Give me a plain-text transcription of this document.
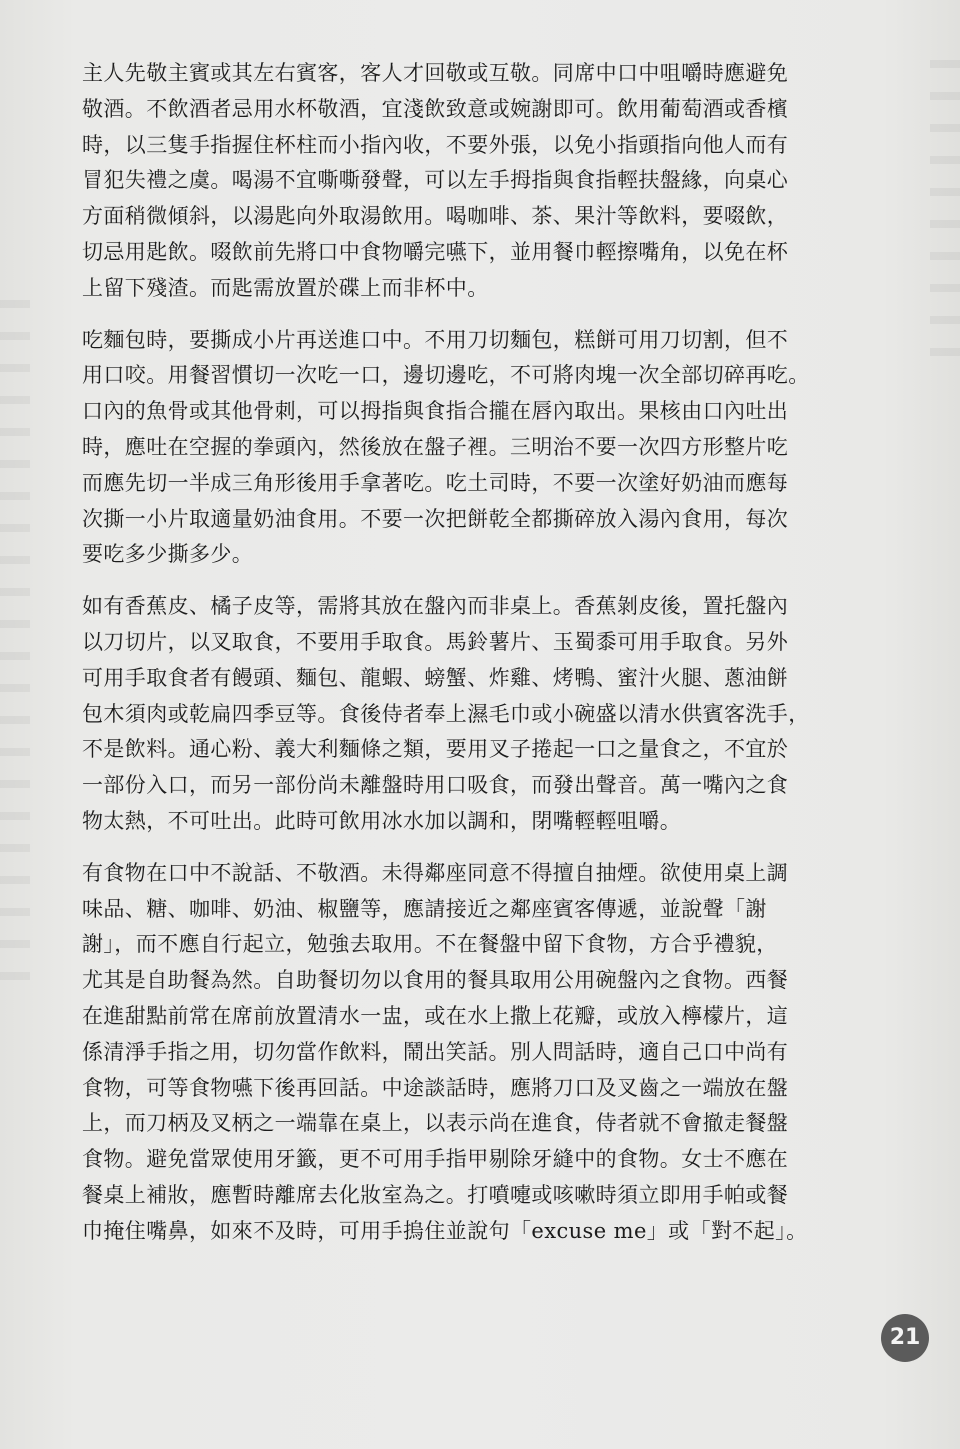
主人先敬主賓或其左右賓客，客人才回敬或互敬。同席中口中咀嚼時應避免
敬酒。不飲酒者忌用水杯敬酒，宜淺飲致意或婉謝即可。飲用葡萄酒或香檳
時，以三隻手指握住杯柱而小指內收，不要外張，以免小指頭指向他人而有
冒犯失禮之虞。喝湯不宜嘶嘶發聲，可以左手拇指與食指輕扶盤緣，向桌心
方面稍微傾斜，以湯匙向外取湯飲用。喝咖啡、茶、果汁等飲料，要啜飲，
切忌用匙飲。啜飲前先將口中食物嚼完嚥下，並用餐巾輕擦嘴角，以免在杯
上留下殘渣。而匙需放置於碟上而非杯中。

吃麵包時，要撕成小片再送進口中。不用刀切麵包，糕餅可用刀切割，但不
用口咬。用餐習慣切一次吃一口，邊切邊吃，不可將肉塊一次全部切碎再吃。
口內的魚骨或其他骨刺，可以拇指與食指合攏在唇內取出。果核由口內吐出
時，應吐在空握的拳頭內，然後放在盤子裡。三明治不要一次四方形整片吃
而應先切一半成三角形後用手拿著吃。吃土司時，不要一次塗好奶油而應每
次撕一小片取適量奶油食用。不要一次把餅乾全都撕碎放入湯內食用，每次
要吃多少撕多少。

如有香蕉皮、橘子皮等，需將其放在盤內而非桌上。香蕉剝皮後，置托盤內
以刀切片，以叉取食，不要用手取食。馬鈴薯片、玉蜀黍可用手取食。另外
可用手取食者有饅頭、麵包、龍蝦、螃蟹、炸雞、烤鴨、蜜汁火腿、蔥油餅
包木須肉或乾扁四季豆等。食後侍者奉上濕毛巾或小碗盛以清水供賓客洗手，
不是飲料。通心粉、義大利麵條之類，要用叉子捲起一口之量食之，不宜於
一部份入口，而另一部份尚未離盤時用口吸食，而發出聲音。萬一嘴內之食
物太熱，不可吐出。此時可飲用冰水加以調和，閉嘴輕輕咀嚼。

有食物在口中不說話、不敬酒。未得鄰座同意不得擅自抽煙。欲使用桌上調
味品、糖、咖啡、奶油、椒鹽等，應請接近之鄰座賓客傳遞，並說聲「謝
謝」，而不應自行起立，勉強去取用。不在餐盤中留下食物，方合乎禮貌，
尤其是自助餐為然。自助餐切勿以食用的餐具取用公用碗盤內之食物。西餐
在進甜點前常在席前放置清水一盅，或在水上撒上花瓣，或放入檸檬片，這
係清淨手指之用，切勿當作飲料，鬧出笑話。別人問話時，適自己口中尚有
食物，可等食物嚥下後再回話。中途談話時，應將刀口及叉齒之一端放在盤
上，而刀柄及叉柄之一端靠在桌上，以表示尚在進食，侍者就不會撤走餐盤
食物。避免當眾使用牙籤，更不可用手指甲剔除牙縫中的食物。女士不應在
餐桌上補妝，應暫時離席去化妝室為之。打噴嚏或咳嗽時須立即用手帕或餐
巾掩住嘴鼻，如來不及時，可用手摀住並說句「excuse me」或「對不起」。

21
